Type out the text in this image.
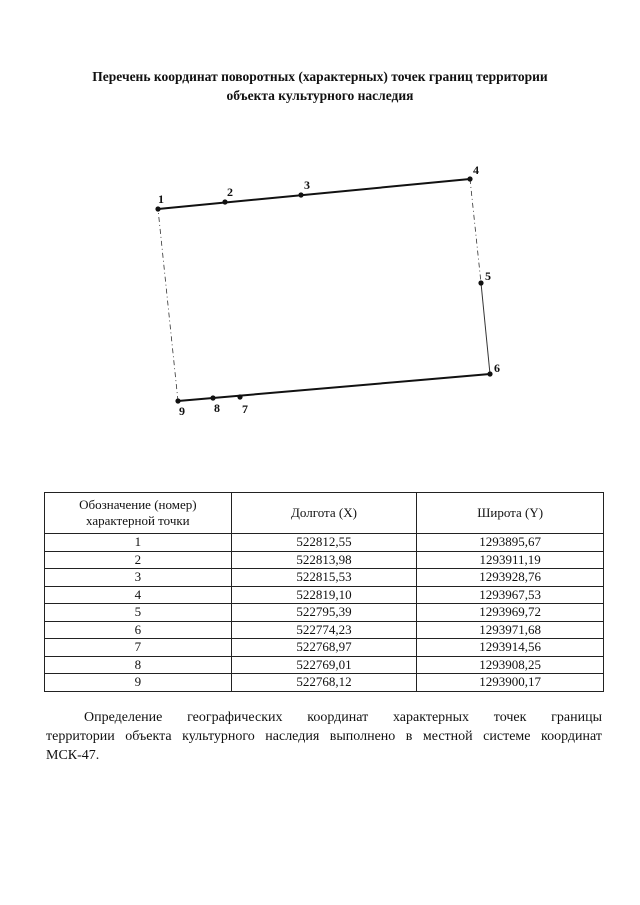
Перечень координат поворотных (характерных) точек границ территории
объекта культурного наследия
1	2	3
4
5
6
7
8
9
Обозначение (номер) характерной точки	Долгота (X)	Широта (Y)
1	522812,55	1293895,67
2	522813,98	1293911,19
3	522815,53	1293928,76
4	522819,10	1293967,53
5	522795,39	1293969,72
6	522774,23	1293971,68
7	522768,97	1293914,56
8	522769,01	1293908,25
9	522768,12	1293900,17
Определение географических координат характерных точек границы
территории объекта культурного наследия выполнено в местной системе координат МСК-47.
